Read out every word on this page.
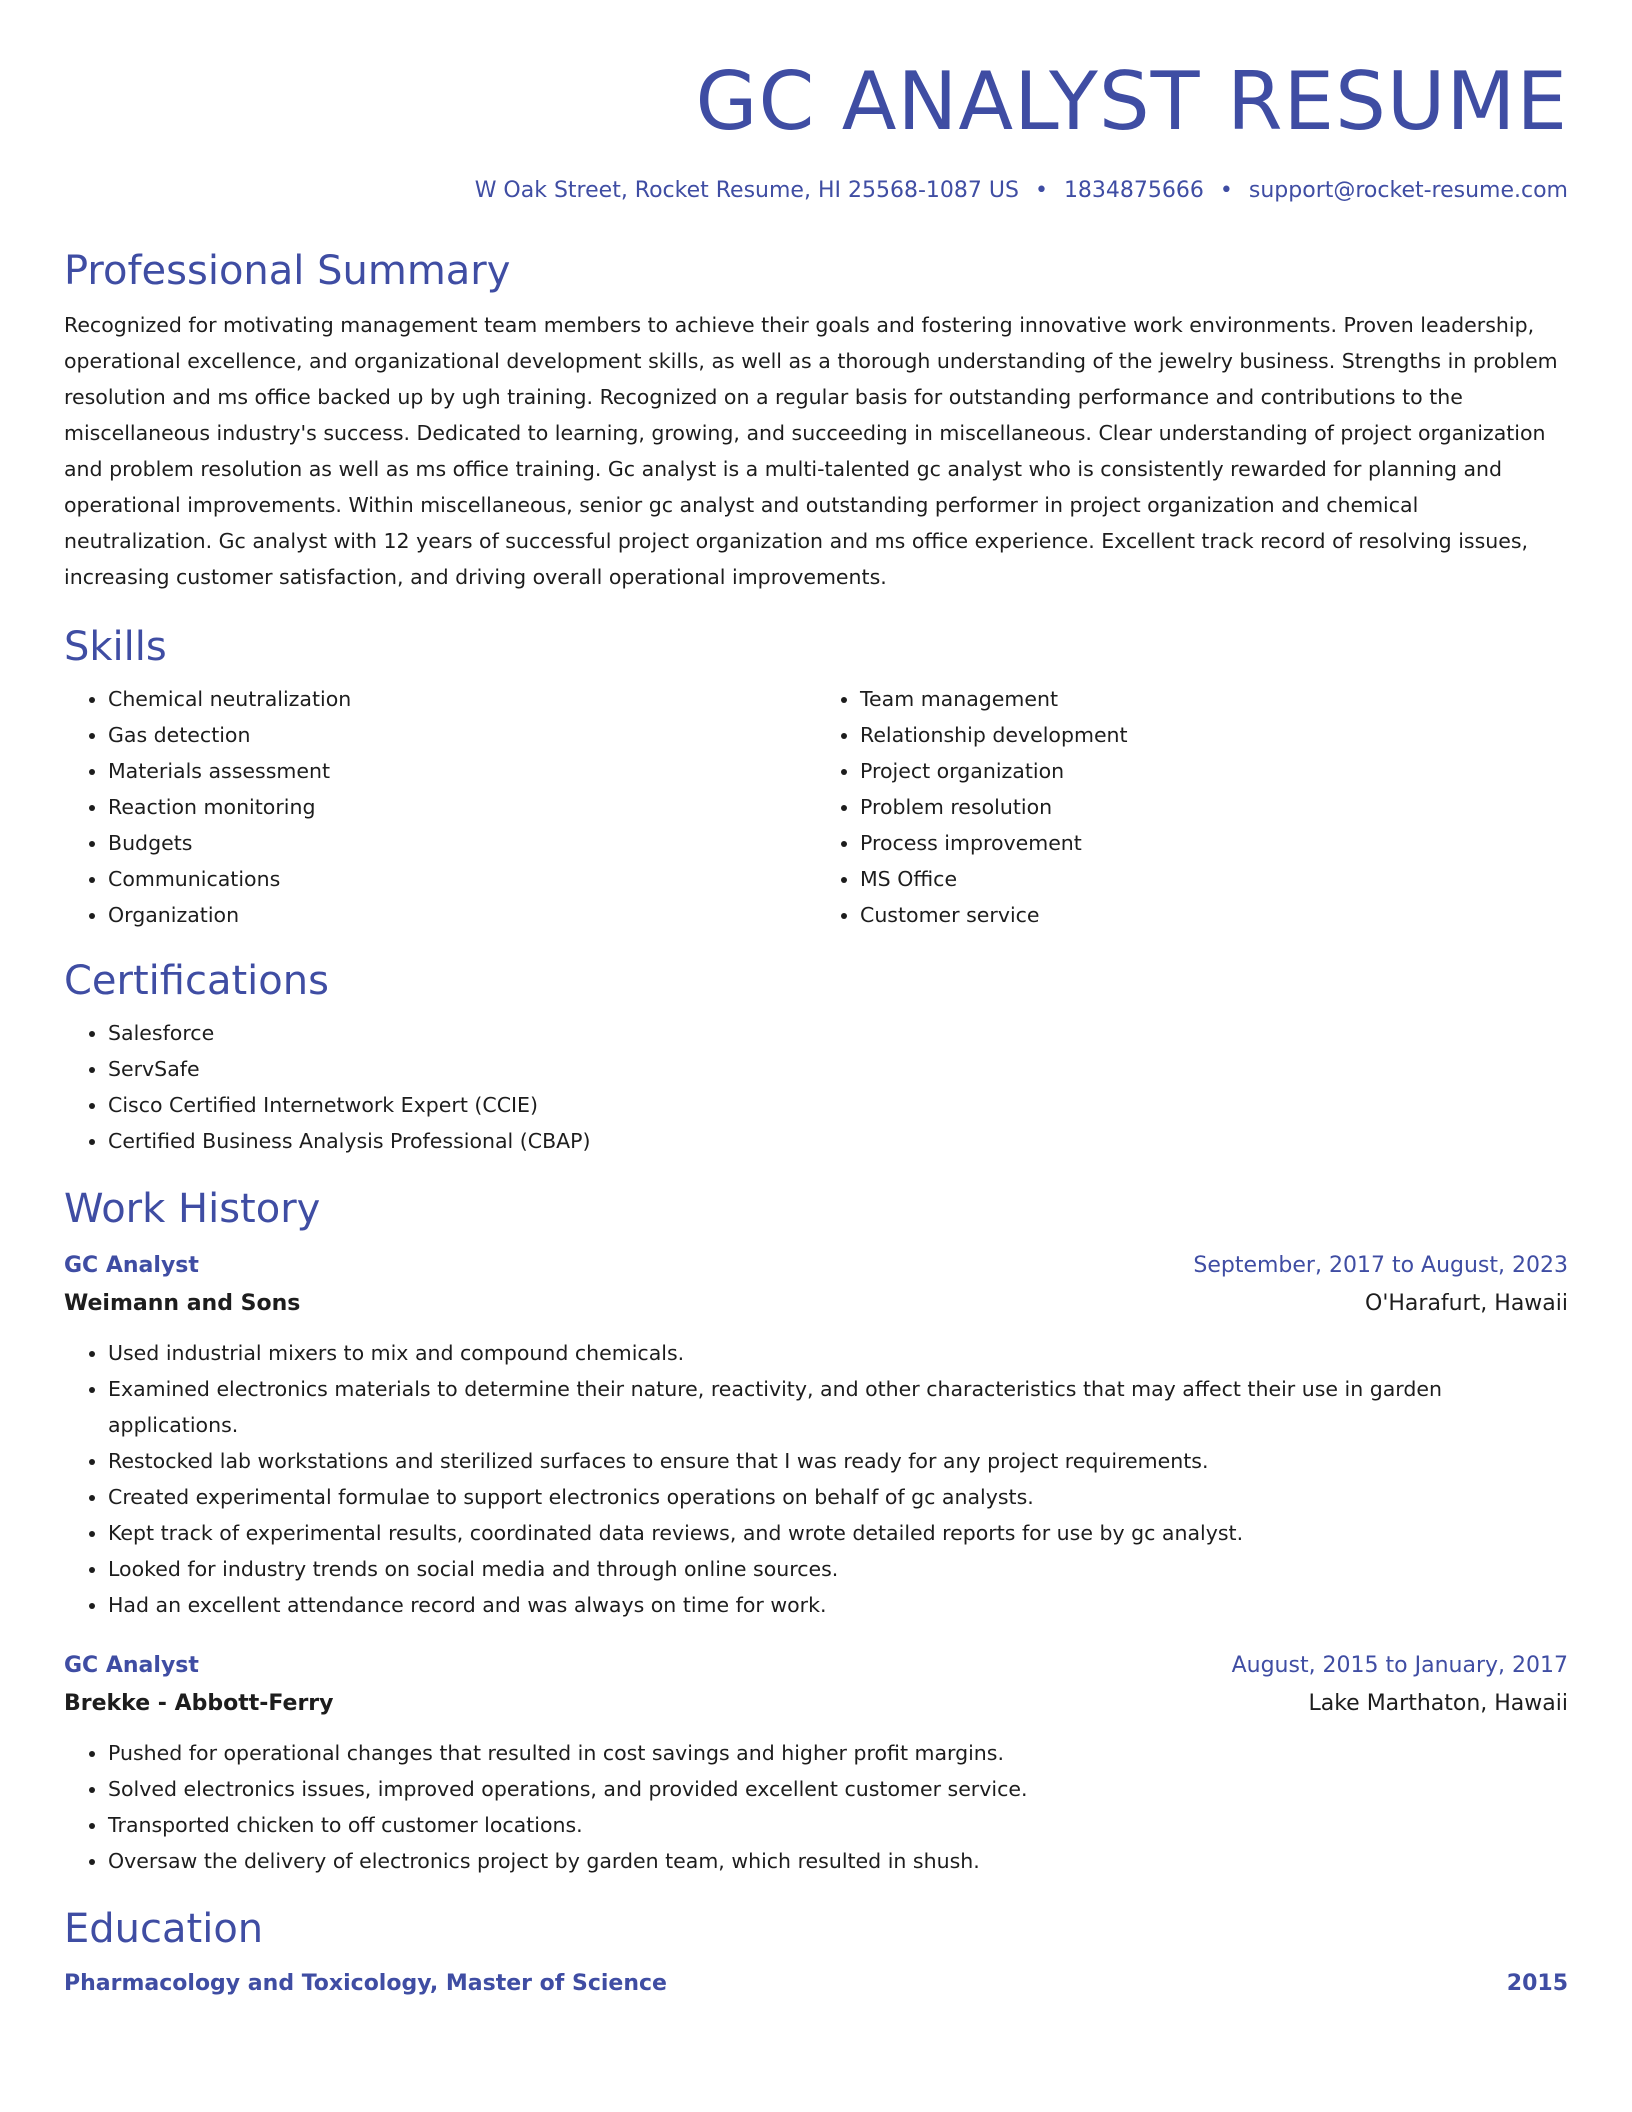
GC ANALYST RESUME
W Oak Street, Rocket Resume, HI 25568-1087 US • 1834875666 • support@rocket-resume.com
Professional Summary

Recognized for motivating management team members to achieve their goals and fostering innovative work environments. Proven leadership, operational excellence, and organizational development skills, as well as a thorough understanding of the jewelry business. Strengths in problem resolution and ms office backed up by ugh training. Recognized on a regular basis for outstanding performance and contributions to the miscellaneous industry's success. Dedicated to learning, growing, and succeeding in miscellaneous. Clear understanding of project organization and problem resolution as well as ms office training. Gc analyst is a multi-talented gc analyst who is consistently rewarded for planning and operational improvements. Within miscellaneous, senior gc analyst and outstanding performer in project organization and chemical neutralization. Gc analyst with 12 years of successful project organization and ms office experience. Excellent track record of resolving issues, increasing customer satisfaction, and driving overall operational improvements.

Skills
• Chemical neutralization
• Gas detection
• Materials assessment
• Reaction monitoring
• Budgets
• Communications
• Organization
• Team management
• Relationship development
• Project organization
• Problem resolution
• Process improvement
• MS Office
• Customer service
Certifications
• Salesforce
• ServSafe
• Cisco Certified Internetwork Expert (CCIE)
• Certified Business Analysis Professional (CBAP)
Work History
GC Analyst	September, 2017 to August, 2023
Weimann and Sons	O'Harafurt, Hawaii
• Used industrial mixers to mix and compound chemicals.
• Examined electronics materials to determine their nature, reactivity, and other characteristics that may affect their use in garden applications.
• Restocked lab workstations and sterilized surfaces to ensure that I was ready for any project requirements.
• Created experimental formulae to support electronics operations on behalf of gc analysts.
• Kept track of experimental results, coordinated data reviews, and wrote detailed reports for use by gc analyst.
• Looked for industry trends on social media and through online sources.
• Had an excellent attendance record and was always on time for work.
GC Analyst	August, 2015 to January, 2017
Brekke - Abbott-Ferry	Lake Marthaton, Hawaii
• Pushed for operational changes that resulted in cost savings and higher profit margins.
• Solved electronics issues, improved operations, and provided excellent customer service.
• Transported chicken to off customer locations.
• Oversaw the delivery of electronics project by garden team, which resulted in shush.
Education
Pharmacology and Toxicology, Master of Science	2015
